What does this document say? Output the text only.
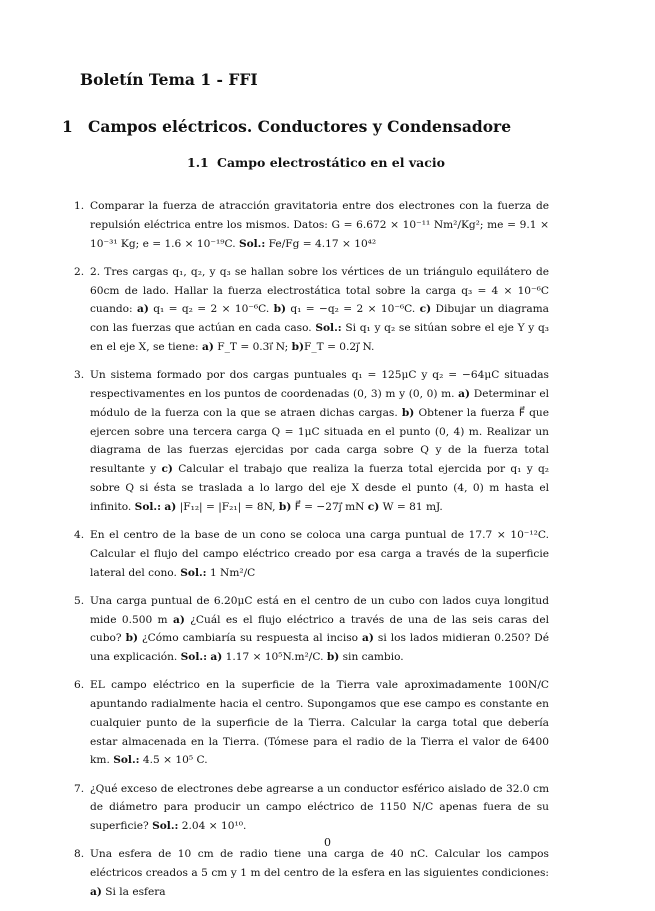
Boletín Tema 1 - FFI
1 Campos eléctricos. Conductores y Condensadore
1.1 Campo electrostático en el vacio
1. Comparar la fuerza de atracción gravitatoria entre dos electrones con la fuerza de repulsión eléctrica entre los mismos. Datos: G = 6.672 × 10⁻¹¹ Nm²/Kg²; me = 9.1 × 10⁻³¹ Kg; e = 1.6 × 10⁻¹⁹C. Sol.: Fe/Fg = 4.17 × 10⁴²
2. 2. Tres cargas q₁, q₂, y q₃ se hallan sobre los vértices de un triángulo equilátero de 60cm de lado. Hallar la fuerza electrostática total sobre la carga q₃ = 4 × 10⁻⁶C cuando: a) q₁ = q₂ = 2 × 10⁻⁶C. b) q₁ = −q₂ = 2 × 10⁻⁶C. c) Dibujar un diagrama con las fuerzas que actúan en cada caso. Sol.: Si q₁ y q₂ se sitúan sobre el eje Y y q₃ en el eje X, se tiene: a) F_T = 0.3i⃗ N; b)F_T = 0.2j⃗ N.
3. Un sistema formado por dos cargas puntuales q₁ = 125μC y q₂ = −64μC situadas respectivamentes en los puntos de coordenadas (0, 3) m y (0, 0) m. a) Determinar el módulo de la fuerza con la que se atraen dichas cargas. b) Obtener la fuerza F⃗ que ejercen sobre una tercera carga Q = 1μC situada en el punto (0, 4) m. Realizar un diagrama de las fuerzas ejercidas por cada carga sobre Q y de la fuerza total resultante y c) Calcular el trabajo que realiza la fuerza total ejercida por q₁ y q₂ sobre Q si ésta se traslada a lo largo del eje X desde el punto (4, 0) m hasta el infinito. Sol.: a) |F₁₂| = |F₂₁| = 8N, b) F⃗ = −27j⃗ mN c) W = 81 mJ.
4. En el centro de la base de un cono se coloca una carga puntual de 17.7 × 10⁻¹²C. Calcular el flujo del campo eléctrico creado por esa carga a través de la superficie lateral del cono. Sol.: 1 Nm²/C
5. Una carga puntual de 6.20μC está en el centro de un cubo con lados cuya longitud mide 0.500 m a) ¿Cuál es el flujo eléctrico a través de una de las seis caras del cubo? b) ¿Cómo cambiaría su respuesta al inciso a) si los lados midieran 0.250? Dé una explicación. Sol.: a) 1.17 × 10⁵N.m²/C. b) sin cambio.
6. EL campo eléctrico en la superficie de la Tierra vale aproximadamente 100N/C apuntando radialmente hacia el centro. Supongamos que ese campo es constante en cualquier punto de la superficie de la Tierra. Calcular la carga total que debería estar almacenada en la Tierra. (Tómese para el radio de la Tierra el valor de 6400 km. Sol.: 4.5 × 10⁵ C.
7. ¿Qué exceso de electrones debe agrearse a un conductor esférico aislado de 32.0 cm de diámetro para producir un campo eléctrico de 1150 N/C apenas fuera de su superficie? Sol.: 2.04 × 10¹⁰.
8. Una esfera de 10 cm de radio tiene una carga de 40 nC. Calcular los campos eléctricos creados a 5 cm y 1 m del centro de la esfera en las siguientes condiciones: a) Si la esfera
0
